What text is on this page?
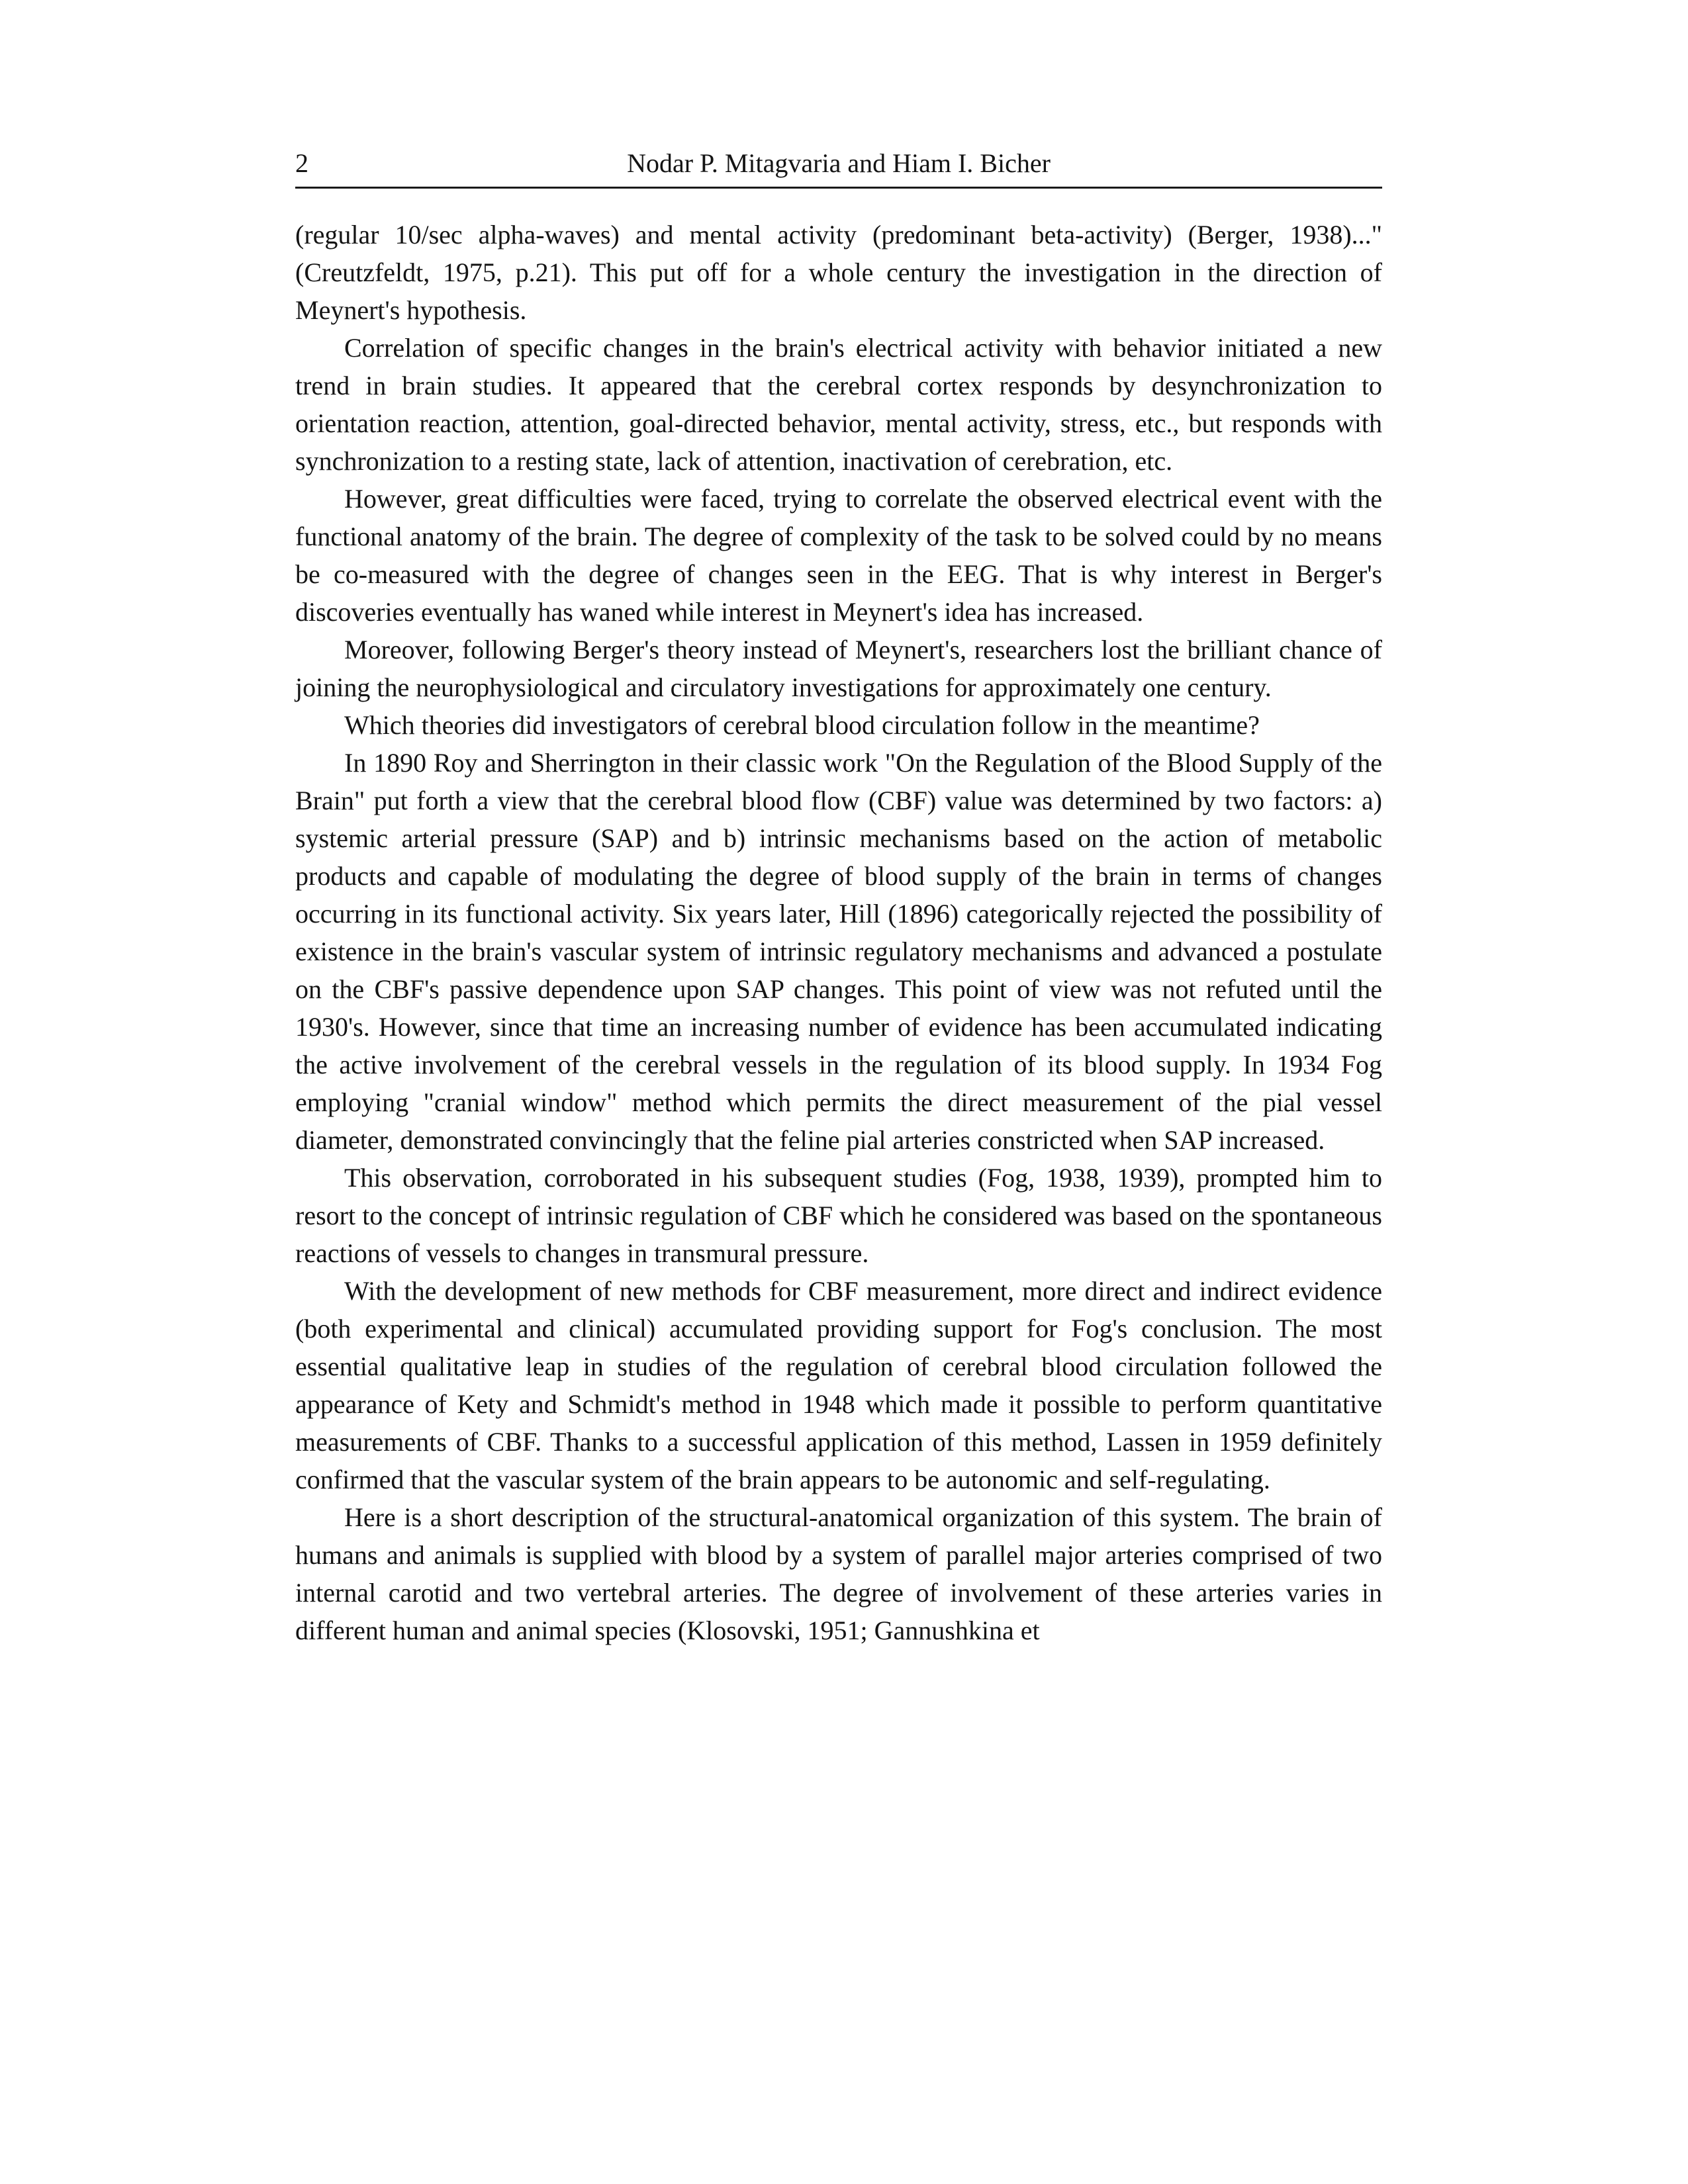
2	Nodar P. Mitagvaria and Hiam I. Bicher

(regular 10/sec alpha-waves) and mental activity (predominant beta-activity) (Berger, 1938)..." (Creutzfeldt, 1975, p.21). This put off for a whole century the investigation in the direction of Meynert's hypothesis.

Correlation of specific changes in the brain's electrical activity with behavior initiated a new trend in brain studies. It appeared that the cerebral cortex responds by desynchronization to orientation reaction, attention, goal-directed behavior, mental activity, stress, etc., but responds with synchronization to a resting state, lack of attention, inactivation of cerebration, etc.

However, great difficulties were faced, trying to correlate the observed electrical event with the functional anatomy of the brain. The degree of complexity of the task to be solved could by no means be co-measured with the degree of changes seen in the EEG. That is why interest in Berger's discoveries eventually has waned while interest in Meynert's idea has increased.

Moreover, following Berger's theory instead of Meynert's, researchers lost the brilliant chance of joining the neurophysiological and circulatory investigations for approximately one century.

Which theories did investigators of cerebral blood circulation follow in the meantime?

In 1890 Roy and Sherrington in their classic work "On the Regulation of the Blood Supply of the Brain" put forth a view that the cerebral blood flow (CBF) value was determined by two factors: a) systemic arterial pressure (SAP) and b) intrinsic mechanisms based on the action of metabolic products and capable of modulating the degree of blood supply of the brain in terms of changes occurring in its functional activity. Six years later, Hill (1896) categorically rejected the possibility of existence in the brain's vascular system of intrinsic regulatory mechanisms and advanced a postulate on the CBF's passive dependence upon SAP changes. This point of view was not refuted until the 1930's. However, since that time an increasing number of evidence has been accumulated indicating the active involvement of the cerebral vessels in the regulation of its blood supply. In 1934 Fog employing "cranial window" method which permits the direct measurement of the pial vessel diameter, demonstrated convincingly that the feline pial arteries constricted when SAP increased.

This observation, corroborated in his subsequent studies (Fog, 1938, 1939), prompted him to resort to the concept of intrinsic regulation of CBF which he considered was based on the spontaneous reactions of vessels to changes in transmural pressure.

With the development of new methods for CBF measurement, more direct and indirect evidence (both experimental and clinical) accumulated providing support for Fog's conclusion. The most essential qualitative leap in studies of the regulation of cerebral blood circulation followed the appearance of Kety and Schmidt's method in 1948 which made it possible to perform quantitative measurements of CBF. Thanks to a successful application of this method, Lassen in 1959 definitely confirmed that the vascular system of the brain appears to be autonomic and self-regulating.

Here is a short description of the structural-anatomical organization of this system. The brain of humans and animals is supplied with blood by a system of parallel major arteries comprised of two internal carotid and two vertebral arteries. The degree of involvement of these arteries varies in different human and animal species (Klosovski, 1951; Gannushkina et
